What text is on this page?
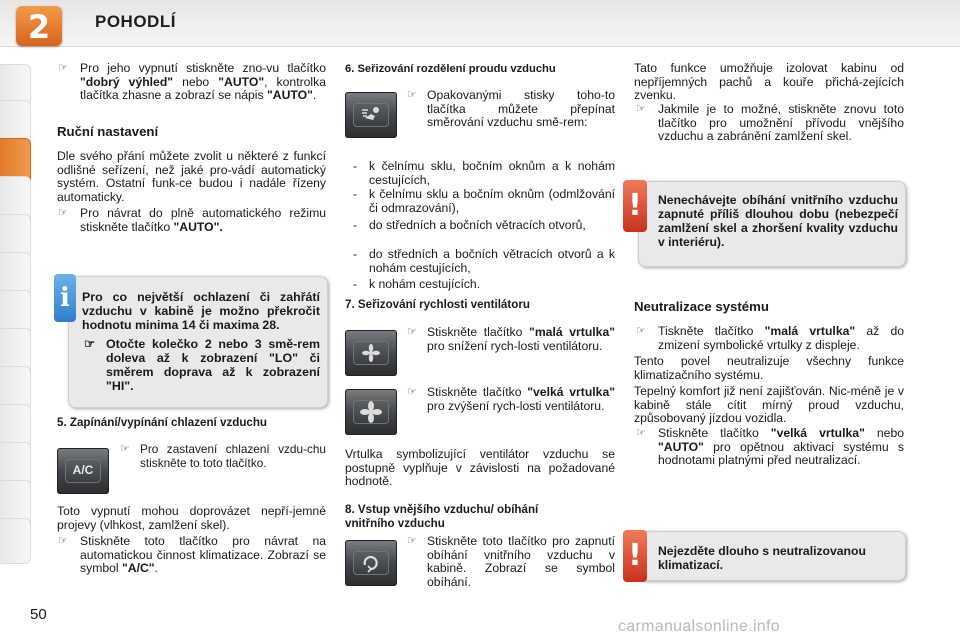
2	POHODLÍ
☞ Pro jeho vypnutí stiskněte zno-vu tlačítko "dobrý výhled" nebo "AUTO", kontrolka tlačítka zhasne a zobrazí se nápis "AUTO".
Ruční nastavení
Dle svého přání můžete zvolit u některé z funkcí odlišné seřízení, než jaké pro-vádí automatický systém. Ostatní funk-ce budou i nadále řízeny automaticky.
☞ Pro návrat do plně automatického režimu stiskněte tlačítko "AUTO".
i Pro co největší ochlazení či zahřátí vzduchu v kabině je možno překročit hodnotu minima 14 či maxima 28.
☞ Otočte kolečko 2 nebo 3 smě-rem doleva až k zobrazení "LO" či směrem doprava až k zobrazení "HI".
5. Zapínání/vypínání chlazení vzduchu
A/C
☞ Pro zastavení chlazení vzdu-chu stiskněte to toto tlačítko.
Toto vypnutí mohou doprovázet nepří-jemné projevy (vlhkost, zamlžení skel).
☞ Stiskněte toto tlačítko pro návrat na automatickou činnost klimatizace. Zobrazí se symbol "A/C".
6. Seřizování rozdělení proudu vzduchu
☞ Opakovanými stisky toho-to tlačítka můžete přepínat směrování vzduchu smě-rem:
- k čelnímu sklu, bočním oknům a k nohám cestujících,
- k čelnímu sklu a bočním oknům (odmlžování či odmrazování),
- do středních a bočních větracích otvorů,
- do středních a bočních větracích otvorů a k nohám cestujících,
- k nohám cestujících.
7. Seřizování rychlosti ventilátoru
☞ Stiskněte tlačítko "malá vrtulka" pro snížení rych-losti ventilátoru.
☞ Stiskněte tlačítko "velká vrtulka" pro zvýšení rych-losti ventilátoru.
Vrtulka symbolizující ventilátor vzduchu se postupně vyplňuje v závislosti na požadované hodnotě.
8. Vstup vnějšího vzduchu/ obíhání vnitřního vzduchu
☞ Stiskněte toto tlačítko pro zapnutí obíhání vnitřního vzduchu v kabině. Zobrazí se symbol obíhání.
Tato funkce umožňuje izolovat kabinu od nepříjemných pachů a kouře přichá-zejících zvenku.
☞ Jakmile je to možné, stiskněte znovu toto tlačítko pro umožnění přívodu vnějšího vzduchu a zabránění zamlžení skel.
!	Nenechávejte obíhání vnitřního vzduchu zapnuté příliš dlouhou dobu (nebezpečí zamlžení skel a zhoršení kvality vzduchu v interiéru).
Neutralizace systému
☞ Tiskněte tlačítko "malá vrtulka" až do zmizení symbolické vrtulky z displeje.
Tento povel neutralizuje všechny funkce klimatizačního systému.
Tepelný komfort již není zajišťován. Nic-méně je v kabině stále cítit mírný proud vzduchu, způsobovaný jízdou vozidla.
☞ Stiskněte tlačítko "velká vrtulka" nebo "AUTO" pro opětnou aktivaci systému s hodnotami platnými před neutralizací.
!	Nejezděte dlouho s neutralizovanou klimatizací.
50
carmanualsonline.info
